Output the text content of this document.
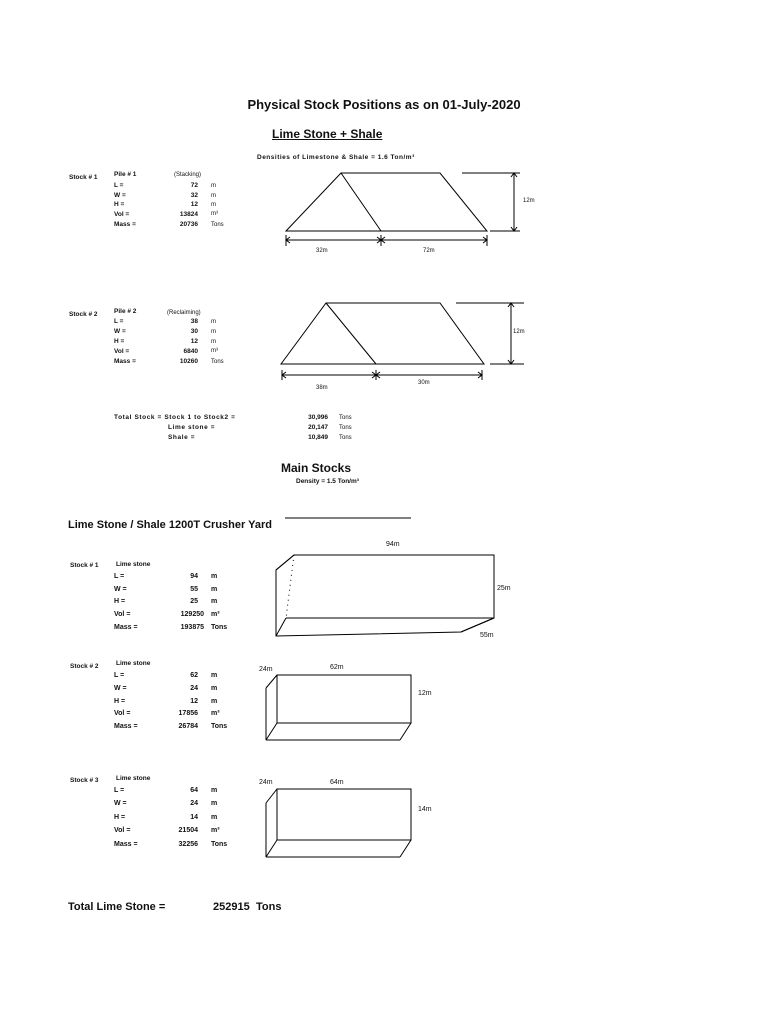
Physical Stock Positions as on 01-July-2020
Lime Stone + Shale
Densities of Limestone & Shale = 1.6 Ton/m³
Stock # 1	Pile # 1	(Stacking)
L =	72 m
W =	32 m
H =	12 m
Vol =	13824 m³
Mass =	20736 Tons
12m
32m	72m
Stock # 2	Pile # 2	(Reclaiming)
L =	38 m
W =	30 m
H =	12 m
Vol =	6840 m³
Mass =	10260 Tons
12m
38m
30m
Total Stock = Stock 1 to Stock2 =	30,996 Tons
Lime stone =	20,147 Tons
Shale =	10,849 Tons
Main Stocks
Density = 1.5 Ton/m³
Lime Stone / Shale 1200T Crusher Yard
Stock # 1	Lime stone
L =	94 m
W =	55 m
H =	25 m
Vol =	129250 m³
Mass =	193875 Tons
94m
25m
55m
Stock # 2	Lime stone
L =	62 m
W =	24 m
H =	12 m
Vol =	17856 m³
Mass =	26784 Tons
24m	62m
12m
Stock # 3	Lime stone
L =	64 m
W =	24 m
H =	14 m
Vol =	21504 m³
Mass =	32256 Tons
24m	64m
14m
Total Lime Stone =	252915 Tons
